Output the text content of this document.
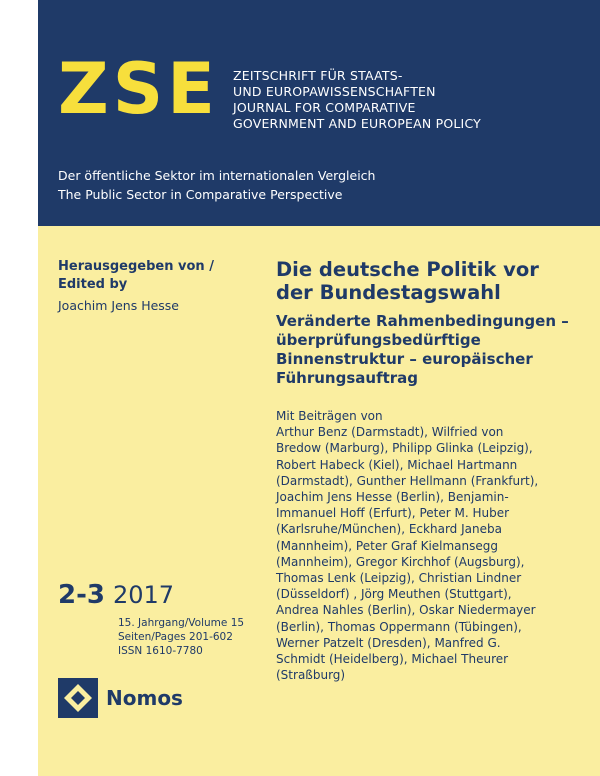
ZSE ZEITSCHRIFT FÜR STAATS-
UND EUROPAWISSENSCHAFTEN
JOURNAL FOR COMPARATIVE
GOVERNMENT AND EUROPEAN POLICY
Der öffentliche Sektor im internationalen Vergleich
The Public Sector in Comparative Perspective
Herausgegeben von /
Edited by
Joachim Jens Hesse
Die deutsche Politik vor
der Bundestagswahl
Veränderte Rahmenbedingungen –
überprüfungsbedürftige
Binnenstruktur – europäischer
Führungsauftrag
Mit Beiträgen von
Arthur Benz (Darmstadt), Wilfried von
Bredow (Marburg), Philipp Glinka (Leipzig),
Robert Habeck (Kiel), Michael Hartmann
(Darmstadt), Gunther Hellmann (Frankfurt),
Joachim Jens Hesse (Berlin), Benjamin-
Immanuel Hoff (Erfurt), Peter M. Huber
(Karlsruhe/München), Eckhard Janeba
(Mannheim), Peter Graf Kielmansegg
(Mannheim), Gregor Kirchhof (Augsburg),
Thomas Lenk (Leipzig), Christian Lindner
(Düsseldorf) , Jörg Meuthen (Stuttgart),
Andrea Nahles (Berlin), Oskar Niedermayer
(Berlin), Thomas Oppermann (Tübingen),
Werner Patzelt (Dresden), Manfred G.
Schmidt (Heidelberg), Michael Theurer
(Straßburg)
2-3 2017
15. Jahrgang/Volume 15
Seiten/Pages 201-602
ISSN 1610-7780
Nomos
